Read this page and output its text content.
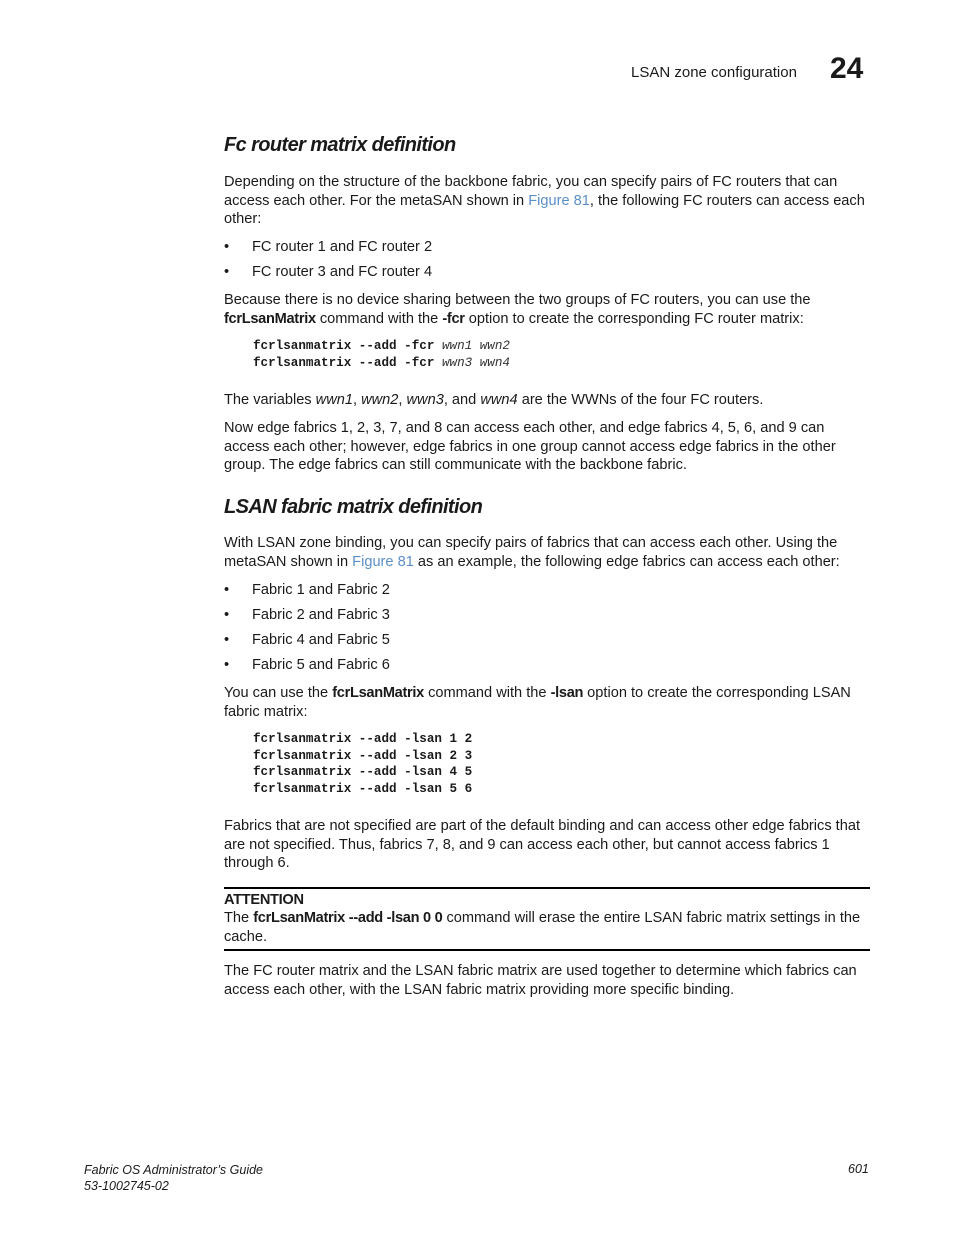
LSAN zone configuration 24
Fc router matrix definition
Depending on the structure of the backbone fabric, you can specify pairs of FC routers that can access each other. For the metaSAN shown in Figure 81, the following FC routers can access each other:
• FC router 1 and FC router 2
• FC router 3 and FC router 4
Because there is no device sharing between the two groups of FC routers, you can use the fcrLsanMatrix command with the -fcr option to create the corresponding FC router matrix:
fcrlsanmatrix --add -fcr wwn1 wwn2
fcrlsanmatrix --add -fcr wwn3 wwn4
The variables wwn1, wwn2, wwn3, and wwn4 are the WWNs of the four FC routers.
Now edge fabrics 1, 2, 3, 7, and 8 can access each other, and edge fabrics 4, 5, 6, and 9 can access each other; however, edge fabrics in one group cannot access edge fabrics in the other group. The edge fabrics can still communicate with the backbone fabric.
LSAN fabric matrix definition
With LSAN zone binding, you can specify pairs of fabrics that can access each other. Using the metaSAN shown in Figure 81 as an example, the following edge fabrics can access each other:
• Fabric 1 and Fabric 2
• Fabric 2 and Fabric 3
• Fabric 4 and Fabric 5
• Fabric 5 and Fabric 6
You can use the fcrLsanMatrix command with the -lsan option to create the corresponding LSAN fabric matrix:
fcrlsanmatrix --add -lsan 1 2
fcrlsanmatrix --add -lsan 2 3
fcrlsanmatrix --add -lsan 4 5
fcrlsanmatrix --add -lsan 5 6
Fabrics that are not specified are part of the default binding and can access other edge fabrics that are not specified. Thus, fabrics 7, 8, and 9 can access each other, but cannot access fabrics 1 through 6.
ATTENTION
The fcrLsanMatrix --add -lsan 0 0 command will erase the entire LSAN fabric matrix settings in the cache.
The FC router matrix and the LSAN fabric matrix are used together to determine which fabrics can access each other, with the LSAN fabric matrix providing more specific binding.
Fabric OS Administrator’s Guide
53-1002745-02
601
